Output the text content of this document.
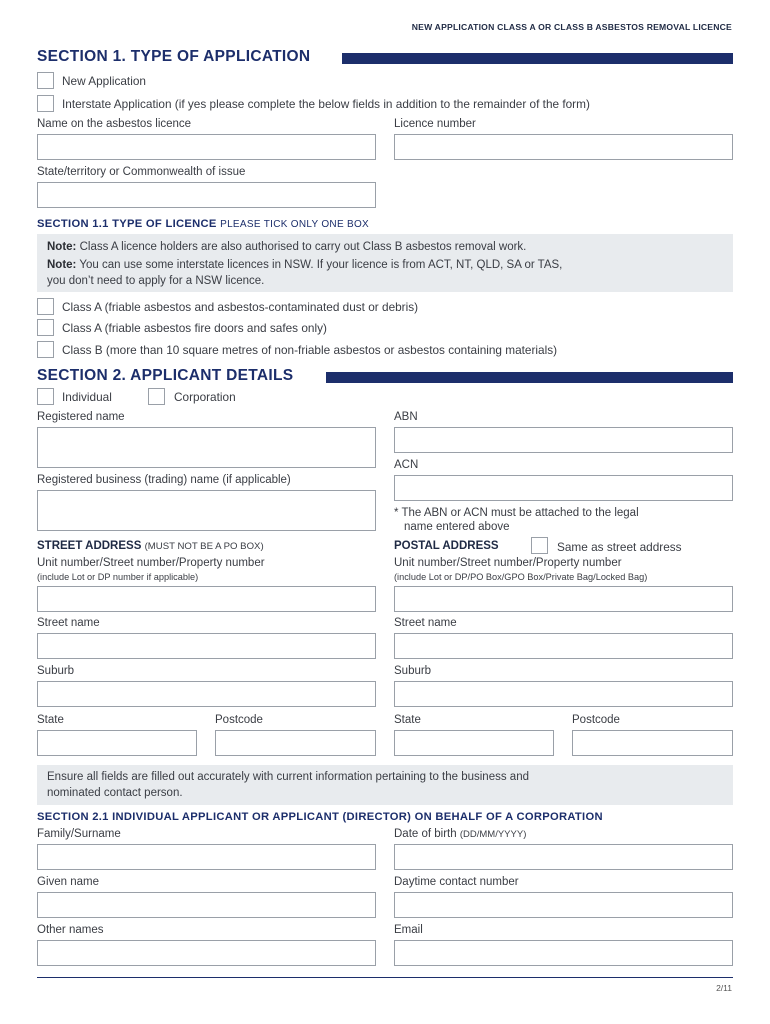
NEW APPLICATION CLASS A OR CLASS B ASBESTOS REMOVAL LICENCE
SECTION 1. TYPE OF APPLICATION
New Application
Interstate Application (if yes please complete the below fields in addition to the remainder of the form)
Name on the asbestos licence	Licence number
State/territory or Commonwealth of issue
SECTION 1.1 TYPE OF LICENCE PLEASE TICK ONLY ONE BOX
Note: Class A licence holders are also authorised to carry out Class B asbestos removal work.
Note: You can use some interstate licences in NSW. If your licence is from ACT, NT, QLD, SA or TAS,
you don’t need to apply for a NSW licence.
Class A (friable asbestos and asbestos-contaminated dust or debris)
Class A (friable asbestos fire doors and safes only)
Class B (more than 10 square metres of non-friable asbestos or asbestos containing materials)
SECTION 2. APPLICANT DETAILS
Individual	Corporation
Registered name	ABN
ACN
Registered business (trading) name (if applicable)
* The ABN or ACN must be attached to the legal
name entered above
STREET ADDRESS (MUST NOT BE A PO BOX)
Unit number/Street number/Property number
(include Lot or DP number if applicable)
Street name
Suburb
State	Postcode
POSTAL ADDRESS	Same as street address
Unit number/Street number/Property number
(include Lot or DP/PO Box/GPO Box/Private Bag/Locked Bag)
Street name
Suburb
State	Postcode
Ensure all fields are filled out accurately with current information pertaining to the business and
nominated contact person.
SECTION 2.1 INDIVIDUAL APPLICANT OR APPLICANT (DIRECTOR) ON BEHALF OF A CORPORATION
Family/Surname	Date of birth (DD/MM/YYYY)
Given name	Daytime contact number
Other names	Email
2/11
